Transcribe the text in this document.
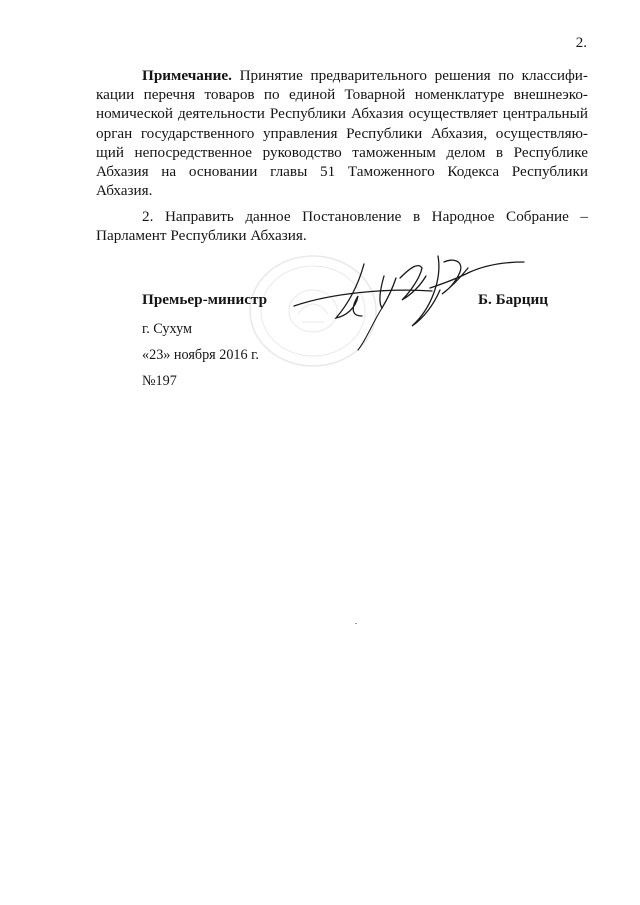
2.
Примечание. Принятие предварительного решения по классифи-
кации перечня товаров по единой Товарной номенклатуре внешнеэко-
номической деятельности Республики Абхазия осуществляет центральный
орган государственного управления Республики Абхазия, осуществляю-
щий непосредственное руководство таможенным делом в Республике
Абхазия на основании главы 51 Таможенного Кодекса Республики
Абхазия.
2. Направить данное Постановление в Народное Собрание –
Парламент Республики Абхазия.
Премьер-министр	Б. Барциц
г. Сухум
«23» ноября 2016 г.
№197
